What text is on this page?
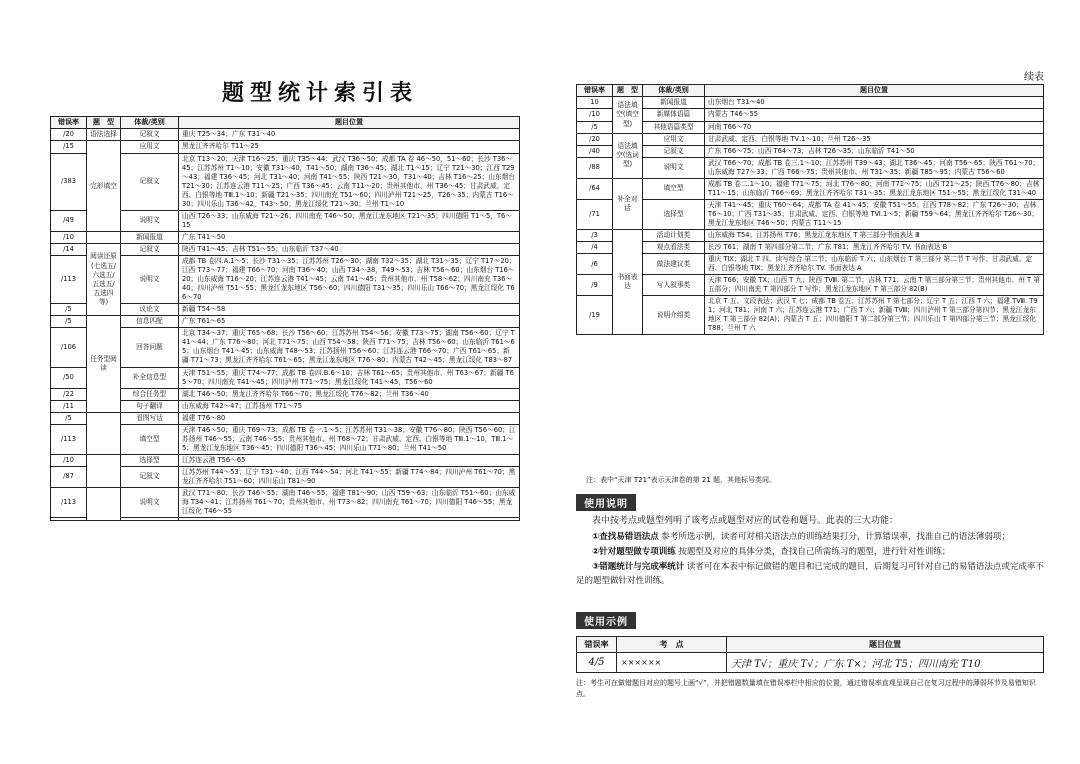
题型统计索引表
错误率	题　型	体裁/类别	题目位置
/20	语法选择	记叙文	重庆 T25～34；广东 T31～40
/15	完形填空	应用文	黑龙江齐齐哈尔 T11～25
/383		记叙文	北京 T13～20；天津 T16～25；重庆 T35～44；武汉 T36～50；成都 TA 卷 46～50，51～60；长沙 T36～45；江苏苏州 T1～10；安徽 T31～40，T41～50；湖南 T36～45；湖北 T1～15；辽宁 T21～30；江西 T29～43；福建 T36～45；河北 T31～40；河南 T41～55；陕西 T21～30，T31～40；吉林 T16～25；山东烟台 T21～30；江苏连云港 T11～25；广西 T36～45；云南 T11～20；贵州其他市、州 T36～45；甘肃武威、定西、白银等地 TⅢ.1～10；新疆 T21～35；四川南充 T51～60；四川泸州 T21～25，T26～35；内蒙古 T16～30；四川乐山 T36～42，T43～50；黑龙江绥化 T21～30；兰州 T1～10
/49		说明文	山西 T26～33；山东威海 T21～26；四川南充 T46～50；黑龙江龙东地区 T21～35；四川德阳 T1～5，T6～15
/10		新闻报道	广东 T41～50
/14	阅读还原(七选五/六选五/五选五/五选四等)	记叙文	陕西 T41～45；吉林 T51～55；山东临沂 T37～40
/113		说明文	成都 TB 卷四.A.1～5；长沙 T31～35；江苏苏州 T26～30；湖南 T32～35；湖北 T31～35；辽宁 T17～20；江西 T73～77；福建 T66～70；河南 T36～40；山西 T34～38，T49～53；吉林 T56～60；山东烟台 T16～20；山东威海 T16～20；江苏连云港 T41～45；云南 T41～45；贵州其他市、州 T58～62；四川南充 T36～40；四川泸州 T51～55；黑龙江龙东地区 T56～60；四川德阳 T31～35；四川乐山 T66～70；黑龙江绥化 T66～70
/5		议论文	新疆 T54～58
/5	任务型阅读	信息匹配	广东 T61～65
/106		回答问题	北京 T34～37；重庆 T65～68；长沙 T56～60；江苏苏州 T54～56；安徽 T73～75；湖南 T56～60；辽宁 T41～44；广东 T76～80；河北 T71～75；山西 T54～58；陕西 T71～75；吉林 T56～60；山东临沂 T61～65；山东烟台 T41～45；山东威海 T48～53；江苏扬州 T56～60；江苏连云港 T66～70；广西 T61～65；新疆 T71～73；黑龙江齐齐哈尔 T61～65；黑龙江龙东地区 T76～80；内蒙古 T42～45；黑龙江绥化 T83～87
/50		补全信息型	天津 T51～55；重庆 T74～77；成都 TB 卷四.B.6～10；吉林 T61～65；贵州其他市、州 T63～67；新疆 T65～70；四川南充 T41～45；四川泸州 T71～75；黑龙江绥化 T41～45，T56～60
/22		综合任务型	湖北 T46～50；黑龙江齐齐哈尔 T66～70；黑龙江绥化 T76～82；兰州 T36～40
/11		句子翻译	山东威海 T42～47；江苏扬州 T71～75
/5		看图写话	福建 T76～80
/113		填空型	天津 T46～50；重庆 T69～73；成都 TB 卷一.1～5；江苏苏州 T31～38；安徽 T76～80；陕西 T56～60；江苏扬州 T46～55；云南 T46～55；贵州其他市、州 T68～72；甘肃武威、定西、白银等地 TⅢ.1～10，TⅢ.1～5；黑龙江龙东地区 T36～45；四川德阳 T36～45；四川乐山 T71～80；兰州 T41～50
/10		选择型	江苏连云港 T56～65
/87		记叙文	江苏苏州 T44～53；辽宁 T31～40；江西 T44～54；河北 T41～55；新疆 T74～84；四川泸州 T61～70；黑龙江齐齐哈尔 T51～60；四川乐山 T81～90
/113		说明文	武汉 T71～80；长沙 T46～55；湖南 T46～55；福建 T81～90；山西 T59～63；山东临沂 T51～60；山东威海 T34～41；江苏扬州 T61～70；贵州其他市、州 T73～82；四川南充 T61～70；四川德阳 T46～55；黑龙江绥化 T46～55

续表
错误率	题　型	体裁/类别	题目位置
10	语法填空(填空型)	新闻报道	山东烟台 T31～40
/10		新媒体语篇	内蒙古 T46～55
/5		其他语篇类型	河南 T66～70
/20	语法填空(选词型)	应用文	甘肃武威、定西、白银等地 TⅤ.1～10；兰州 T26～35
/40		记叙文	广东 T66～75；山西 T64～73；吉林 T26～35；山东临沂 T41～50
/88		说明文	武汉 T66～70；成都 TB 卷三.1～10；江苏苏州 T39～43；湖北 T36～45；河南 T56～65；陕西 T61～70；山东威海 T27～33；广西 T66～75；贵州其他市、州 T31～35；新疆 T85～95；内蒙古 T56～60
/64	补全对话	填空型	成都 TB 卷二.1～10；福建 T71～75；河北 T76～80；河南 T71～75；山西 T21～25；陕西 T76～80；吉林 T11～15；山东临沂 T66～69；黑龙江齐齐哈尔 T31～35；黑龙江龙东地区 T51～55；黑龙江绥化 T31～40
/71		选择型	天津 T41～45；重庆 T60～64；成都 TA 卷 41～45；安徽 T51～55；江西 T78～82；广东 T26～30；吉林 T6～10；广西 T31～35；甘肃武威、定西、白银等地 TⅥ.1～5；新疆 T59～64；黑龙江齐齐哈尔 T26～30；黑龙江龙东地区 T46～50；内蒙古 T11～15
/3	书面表达	活动计划类	山东威海 T54；江苏扬州 T76；黑龙江龙东地区 T 第三部分书面表达 Ⅲ
/4		观点看法类	长沙 T61；湖南 T 第四部分第二节；广东 T81；黑龙江齐齐哈尔 TV. 书面表达 B
/6		做法建议类	重庆 TⅨ；湖北 T 四、读写综合 第二节；山东临沂 T 六；山东烟台 T 第三部分 第二节 T 写作；甘肃武威、定西、白银等地 TⅨ；黑龙江齐齐哈尔 TV. 书面表达 A
/9		写人叙事类	天津 T66；安徽 TX；山西 T 九；陕西 TⅧ. 第二节；吉林 T71；云南 T 第三部分第三节；贵州其他市、州 T 第五部分；四川南充 T 第四部分 T 写作；黑龙江龙东地区 T 第三部分 82(B)
/19		说明介绍类	北京 T 五、文段表达；武汉 T 七；成都 TB 卷五；江苏苏州 T 第七部分；辽宁 T 五；江西 T 六；福建 TⅧ. T91；河北 T81；河南 T 六；江苏连云港 T71；广西 T 六；新疆 TⅧ；四川泸州 T 第三部分第四节；黑龙江龙东地区 T 第三部分 82(A)；内蒙古 T 五；四川德阳 T 第二部分第三节；四川乐山 T 第四部分第三节；黑龙江绥化 T88；兰州 T 六
注：表中“天津 T21”表示天津卷的第 21 题，其他标号类同。
使用说明

表中按考点或题型列明了该考点或题型对应的试卷和题号。此表的三大功能：

①查找易错语法点 参考所选示例，读者可对相关语法点的训练结果打分，计算错误率，找准自己的语法薄弱项；

②针对题型做专项训练 按题型及对应的具体分类，查找自己所需练习的题型，进行针对性训练；

③错题统计与完成率统计 读者可在本表中标记做错的题目和已完成的题目，后期复习可针对自己的易错语法点或完成率不足的题型做针对性训练。

使用示例
错误率	考　点	题目位置
4/5	××××××	天津 T√；重庆 T√；广东 T×；河北 T5；四川南充 T10
注：考生可在做错题目对应的题号上画“√”，并把错题数量填在错误率栏中相应的位置，通过错误率直观呈现自己在复习过程中的薄弱环节及易错知识点。
